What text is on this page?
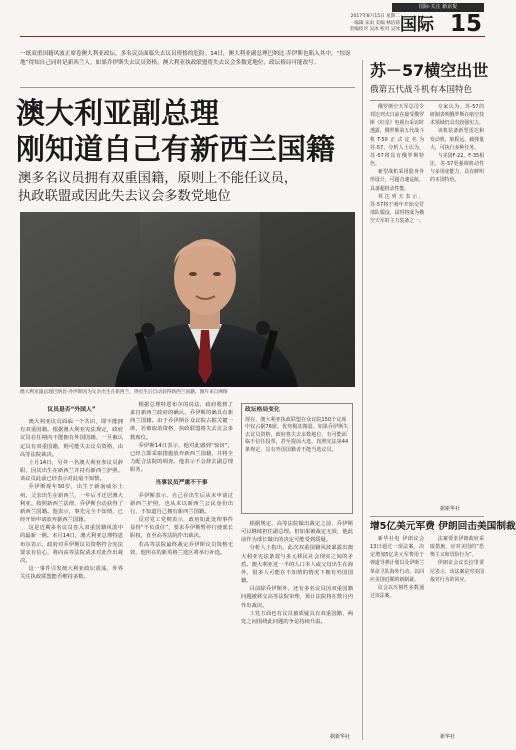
国际·关注 新京报
2017年8月15日 星期二
编辑 宋雨 美编 林洁韩
责编校对 吴冰 校对 吴冰 国际 15
一纸双重国籍风波正席卷澳大利亚政坛，多名议员面临失去议员资格的危险。14日，澳大利亚副总理巴纳比·乔伊斯也陷入其中，“惊讶地”得知自己同时是新西兰人。如果乔伊斯失去议员资格，澳大利亚执政联盟将失去议会多数党地位，政坛格局可能改写。
澳大利亚副总理
刚知道自己有新西兰国籍
澳多名议员拥有双重国籍，原则上不能任议员，
执政联盟或因此失去议会多数党地位
澳大利亚副总理巴纳比·乔伊斯因为父亲出生在新西兰，得出生后自动获得新西兰国籍。图片来自网络
议员是否“外国人”

澳大利亚议员面临一个共识，即不能拥有双重国籍。根据澳大利亚宪法规定，政府议员在任期内不能拥有外国国籍，一旦被认定具有双重国籍，则可能失去议员资格，由高等法院裁决。

上月14日，另外一名澳大利亚参议员辞职，因其出生在新西兰并持有新西兰护照。该议员此前已经表示对此毫不知情。

乔伊斯现年50岁，出生于新南威尔士州。父亲出生在新西兰，一年后才迁居澳大利亚。按照新西兰法律，乔伊斯自动获得了新西兰国籍。他表示，事先完全不知情，已经开始申请放弃新西兰国籍。

这是近期多名议员卷入双重国籍风波中的最新一例。本月14日，澳大利亚总理特恩布尔表示，政府对乔伊斯议员资格符合宪法要求有信心，将向高等法院请求对此作出裁决。

这一事件引发澳大利亚政坛震荡，外界关注执政联盟能否维持多数。

根据总理特恩布尔的说法，政府收到了来自新西兰政府的确认，乔伊斯的确具有新西兰国籍。由于乔伊斯在众议院占据关键一席，若被取消资格，执政联盟将失去议会多数席位。

乔伊斯14日表示，他对此感到“惊讶”，已经立即采取措施放弃新西兰国籍，并将全力配合法院的调查。他表示不会辞去副总理职务。

当事议员严重不干事

乔伊斯表示，自己在出生后从未申请过新西兰护照，也从未以新西兰公民身份出行，不知道自己拥有新西兰国籍。

反对党工党则表示，政府如此处理事件显得“不负责任”，要求乔伊斯暂停行使部长职权，直至高等法院作出裁决。

若高等法院最终裁定乔伊斯议员资格无效，他所在的新英格兰选区将举行补选。

政坛格局变化
现在，澳大利亚执政联盟在众议院150个议席中仅占据76席，优势极其微弱。如果乔伊斯失去议员资格，政府将失去多数地位，有可能面临不信任投票，甚至提前大选。按照宪法第44条规定，具有外国国籍者不能当选议员。

根据规定，高等法院做出裁定之前，乔伊斯可以继续担任副总理。但如果被裁定无效，他此前作为部长做出的决定可能受到质疑。

分析人士指出，此次双重国籍风波暴露出澳大利亚宪法条款与多元移民社会现实之间的矛盾。澳大利亚近一半的人口本人或父母出生在海外，很多人可能在不知情的情况下拥有外国国籍。

目前除乔伊斯外，还有多名议员因双重国籍问题被移交高等法院审理，预计法院将在数月内作出裁决。

工党方面也有议员被质疑具有双重国籍，两党之间围绕此问题的争论持续升温。

据新华社
苏－57横空出世
俄第五代战斗机有本国特色

俄罗斯空天军总司令邦达列夫日前在接受俄罗斯《红星》电视台采访时透露，俄罗斯第五代战斗机T-50正式定名为苏-57，分析人士认为，苏-57将具有俄罗斯特色。

新型战机采用隐身外形设计，可超音速巡航，具备超机动性能。

邦达列夫表示，苏-57将于明年开始交付部队服役，届时将成为俄空天军的主力装备之一。

专家认为，苏-57的研制表明俄罗斯在航空技术领域仍具有较强实力。

该机装备新型雷达和发动机，航程远，载弹量大，可执行多种任务。

与美国F-22、F-35相比，苏-57更强调机动性与多用途能力，具有鲜明的本国特色。

据新华社
增5亿美元军费 伊朗回击美国制裁

新华社电 伊朗议会13日通过一项法案，决定增加5亿美元军费用于弹道导弹计划以及伊斯兰革命卫队海外行动，以回应美国近期的新制裁。

议会以压倒性多数通过该法案。

法案要求伊朗政府采取措施，应对美国的“恐怖主义和冒险行为”。

伊朗议会议长拉里贾尼表示，该法案是对美国敌对行为的回应。

新华社
